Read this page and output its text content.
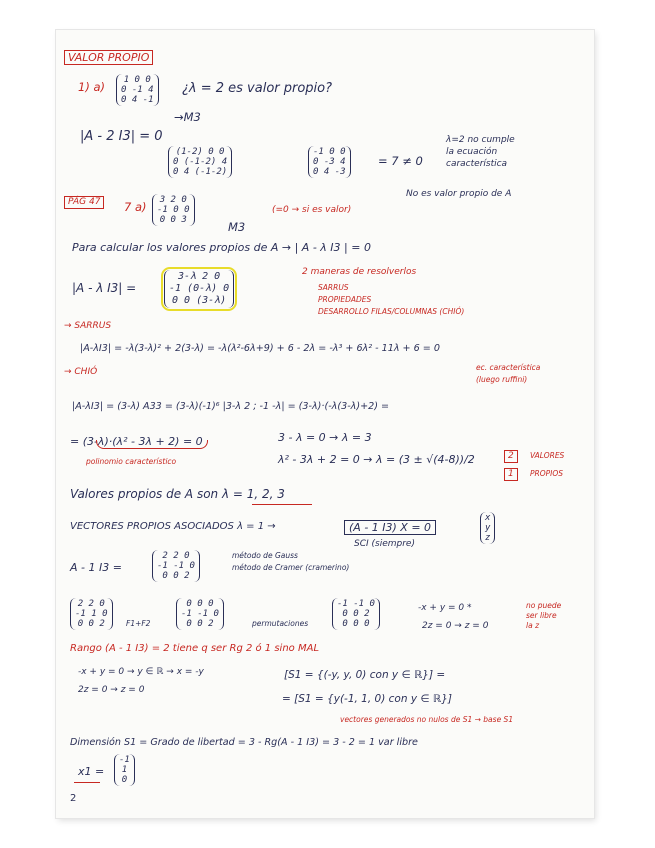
VALOR PROPIO
1) a)	1 0 0
0 -1 4
0 4 -1
¿λ = 2 es valor propio?
→M3
|A - 2 I3| = 0
(1-2) 0 0
0 (-1-2) 4
0 4 (-1-2)
-1 0 0
0 -3 4
0 4 -3
= 7 ≠ 0
λ=2 no cumple
la ecuación
característica
No es valor propio de A
PÁG 47	7 a)	3 2 0
-1 0 0
0 0 3	M3
(=0 → si es valor)
Para calcular los valores propios de A → | A - λ I3 | = 0
|A - λ I3| =
3-λ 2 0
-1 (0-λ) 0
0 0 (3-λ)
2 maneras de resolverlos
SARRUS
PROPIEDADES
DESARROLLO FILAS/COLUMNAS (CHIÓ)
→ SARRUS
|A-λI3| = -λ(3-λ)² + 2(3-λ) = -λ(λ²-6λ+9) + 6 - 2λ = -λ³ + 6λ² - 11λ + 6 = 0
ec. característica
(luego ruffini)
→ CHIÓ
|A-λI3| = (3-λ) A33 = (3-λ)(-1)⁶ |3-λ 2 ; -1 -λ| = (3-λ)·(-λ(3-λ)+2) =
= (3-λ)·(λ² - 3λ + 2) = 0
polinomio característico
3 - λ = 0 → λ = 3
λ² - 3λ + 2 = 0 → λ = (3 ± √(4-8))/2	2
1
VALORES
PROPIOS
Valores propios de A son λ = 1, 2, 3
VECTORES PROPIOS ASOCIADOS λ = 1 →	(A - 1 I3) X = 0
x
y
z
SCI (siempre)
A - 1 I3 =
2 2 0
-1 -1 0
0 0 2
método de Gauss
método de Cramer (cramerino)
2 2 0
-1 1 0
0 0 2	F1+F2
0 0 0
-1 -1 0
0 0 2	permutaciones
-1 -1 0
0 0 2
0 0 0
-x + y = 0 *
2z = 0 → z = 0
no puede
ser libre
la z
Rango (A - 1 I3) = 2 tiene q ser Rg 2 ó 1 sino MAL
-x + y = 0 → y ∈ ℝ → x = -y
2z = 0 → z = 0
[S1 = {(-y, y, 0) con y ∈ ℝ}] =
= [S1 = {y(-1, 1, 0) con y ∈ ℝ}]
vectores generados no nulos de S1 → base S1
Dimensión S1 = Grado de libertad = 3 - Rg(A - 1 I3) = 3 - 2 = 1 var libre
x1 =
-1
1
0
2
